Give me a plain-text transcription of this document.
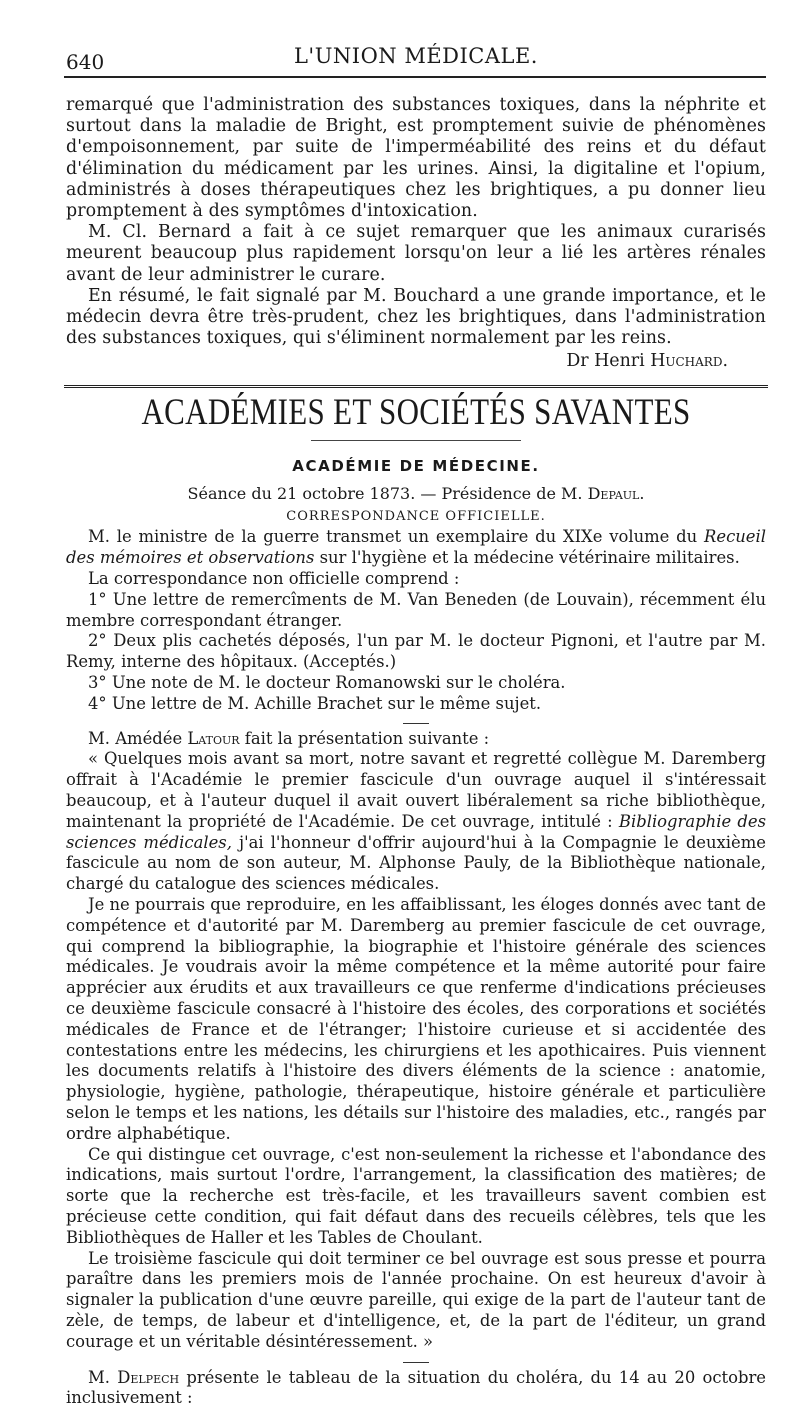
640	L'UNION MÉDICALE.

remarqué que l'administration des substances toxiques, dans la néphrite et surtout dans la maladie de Bright, est promptement suivie de phénomènes d'empoisonnement, par suite de l'imperméabilité des reins et du défaut d'élimination du médicament par les urines. Ainsi, la digitaline et l'opium, administrés à doses thérapeutiques chez les brightiques, a pu donner lieu promptement à des symptômes d'intoxication.

M. Cl. Bernard a fait à ce sujet remarquer que les animaux curarisés meurent beaucoup plus rapidement lorsqu'on leur a lié les artères rénales avant de leur administrer le curare.

En résumé, le fait signalé par M. Bouchard a une grande importance, et le médecin devra être très-prudent, chez les brightiques, dans l'administration des substances toxiques, qui s'éliminent normalement par les reins.

Dr Henri Huchard.
ACADÉMIES ET SOCIÉTÉS SAVANTES
ACADÉMIE DE MÉDECINE.
Séance du 21 octobre 1873. — Présidence de M. Depaul.
CORRESPONDANCE OFFICIELLE.

M. le ministre de la guerre transmet un exemplaire du XIXe volume du Recueil des mémoires et observations sur l'hygiène et la médecine vétérinaire militaires.

La correspondance non officielle comprend :

1° Une lettre de remercîments de M. Van Beneden (de Louvain), récemment élu membre correspondant étranger.

2° Deux plis cachetés déposés, l'un par M. le docteur Pignoni, et l'autre par M. Remy, interne des hôpitaux. (Acceptés.)

3° Une note de M. le docteur Romanowski sur le choléra.

4° Une lettre de M. Achille Brachet sur le même sujet.

M. Amédée Latour fait la présentation suivante :

« Quelques mois avant sa mort, notre savant et regretté collègue M. Daremberg offrait à l'Académie le premier fascicule d'un ouvrage auquel il s'intéressait beaucoup, et à l'auteur duquel il avait ouvert libéralement sa riche bibliothèque, maintenant la propriété de l'Académie. De cet ouvrage, intitulé : Bibliographie des sciences médicales, j'ai l'honneur d'offrir aujourd'hui à la Compagnie le deuxième fascicule au nom de son auteur, M. Alphonse Pauly, de la Bibliothèque nationale, chargé du catalogue des sciences médicales.

Je ne pourrais que reproduire, en les affaiblissant, les éloges donnés avec tant de compétence et d'autorité par M. Daremberg au premier fascicule de cet ouvrage, qui comprend la bibliographie, la biographie et l'histoire générale des sciences médicales. Je voudrais avoir la même compétence et la même autorité pour faire apprécier aux érudits et aux travailleurs ce que renferme d'indications précieuses ce deuxième fascicule consacré à l'histoire des écoles, des corporations et sociétés médicales de France et de l'étranger; l'histoire curieuse et si accidentée des contestations entre les médecins, les chirurgiens et les apothicaires. Puis viennent les documents relatifs à l'histoire des divers éléments de la science : anatomie, physiologie, hygiène, pathologie, thérapeutique, histoire générale et particulière selon le temps et les nations, les détails sur l'histoire des maladies, etc., rangés par ordre alphabétique.

Ce qui distingue cet ouvrage, c'est non-seulement la richesse et l'abondance des indications, mais surtout l'ordre, l'arrangement, la classification des matières; de sorte que la recherche est très-facile, et les travailleurs savent combien est précieuse cette condition, qui fait défaut dans des recueils célèbres, tels que les Bibliothèques de Haller et les Tables de Choulant.

Le troisième fascicule qui doit terminer ce bel ouvrage est sous presse et pourra paraître dans les premiers mois de l'année prochaine. On est heureux d'avoir à signaler la publication d'une œuvre pareille, qui exige de la part de l'auteur tant de zèle, de temps, de labeur et d'intelligence, et, de la part de l'éditeur, un grand courage et un véritable désintéressement. »

M. Delpech présente le tableau de la situation du choléra, du 14 au 20 octobre inclusivement :
